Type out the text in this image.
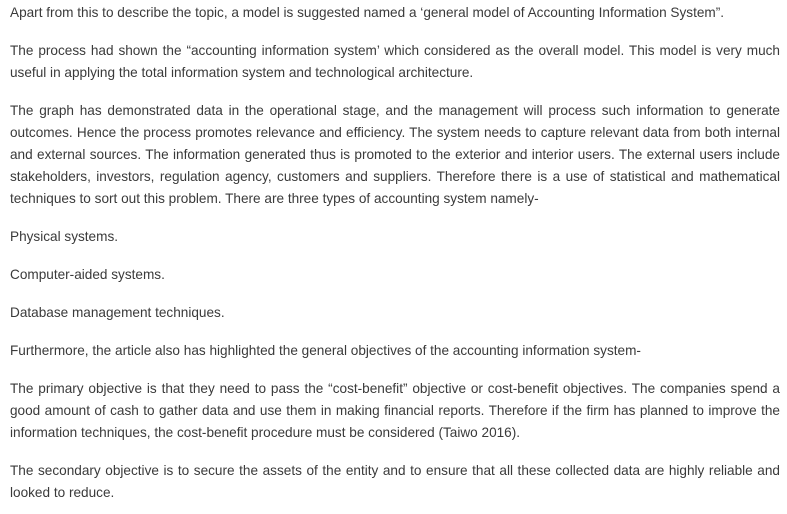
Apart from this to describe the topic, a model is suggested named a ‘general model of Accounting Information System”.

The process had shown the “accounting information system’ which considered as the overall model. This model is very much useful in applying the total information system and technological architecture.

The graph has demonstrated data in the operational stage, and the management will process such information to generate outcomes. Hence the process promotes relevance and efficiency. The system needs to capture relevant data from both internal and external sources. The information generated thus is promoted to the exterior and interior users. The external users include stakeholders, investors, regulation agency, customers and suppliers. Therefore there is a use of statistical and mathematical techniques to sort out this problem. There are three types of accounting system namely-

Physical systems.

Computer-aided systems.

Database management techniques.

Furthermore, the article also has highlighted the general objectives of the accounting information system-

The primary objective is that they need to pass the “cost-benefit” objective or cost-benefit objectives. The companies spend a good amount of cash to gather data and use them in making financial reports. Therefore if the firm has planned to improve the information techniques, the cost-benefit procedure must be considered (Taiwo 2016).

The secondary objective is to secure the assets of the entity and to ensure that all these collected data are highly reliable and looked to reduce.
